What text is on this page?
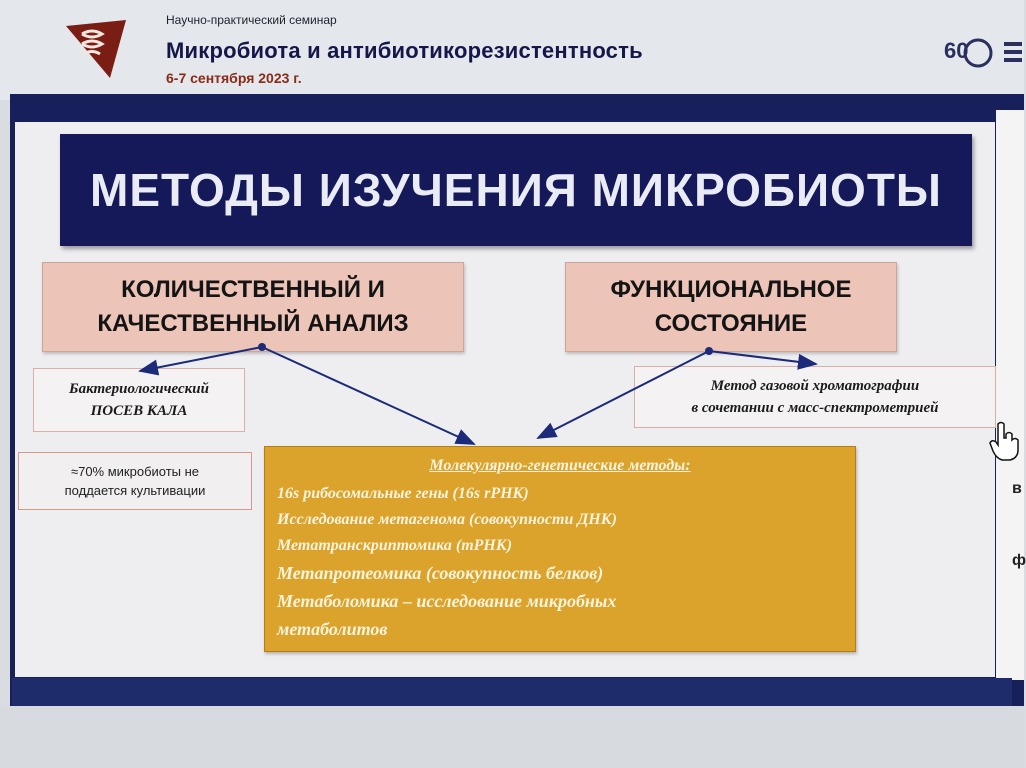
Научно-практический семинар
Микробиота и антибиотикорезистентность
6-7 сентября 2023 г.
60
в
ф
МЕТОДЫ ИЗУЧЕНИЯ МИКРОБИОТЫ
КОЛИЧЕСТВЕННЫЙ И
КАЧЕСТВЕННЫЙ АНАЛИЗ
ФУНКЦИОНАЛЬНОЕ
СОСТОЯНИЕ
Бактериологический
ПОСЕВ КАЛА
Метод газовой хроматографии
в сочетании с масс-спектрометрией
≈70% микробиоты не
поддается культивации
Молекулярно-генетические методы:
16s рибосомальные гены (16s rРНК)
Исследование метагенома (совокупности ДНК)
Метатранскриптомика (mРНК)
Метапротеомика (совокупность белков)
Метаболомика – исследование микробных
метаболитов
